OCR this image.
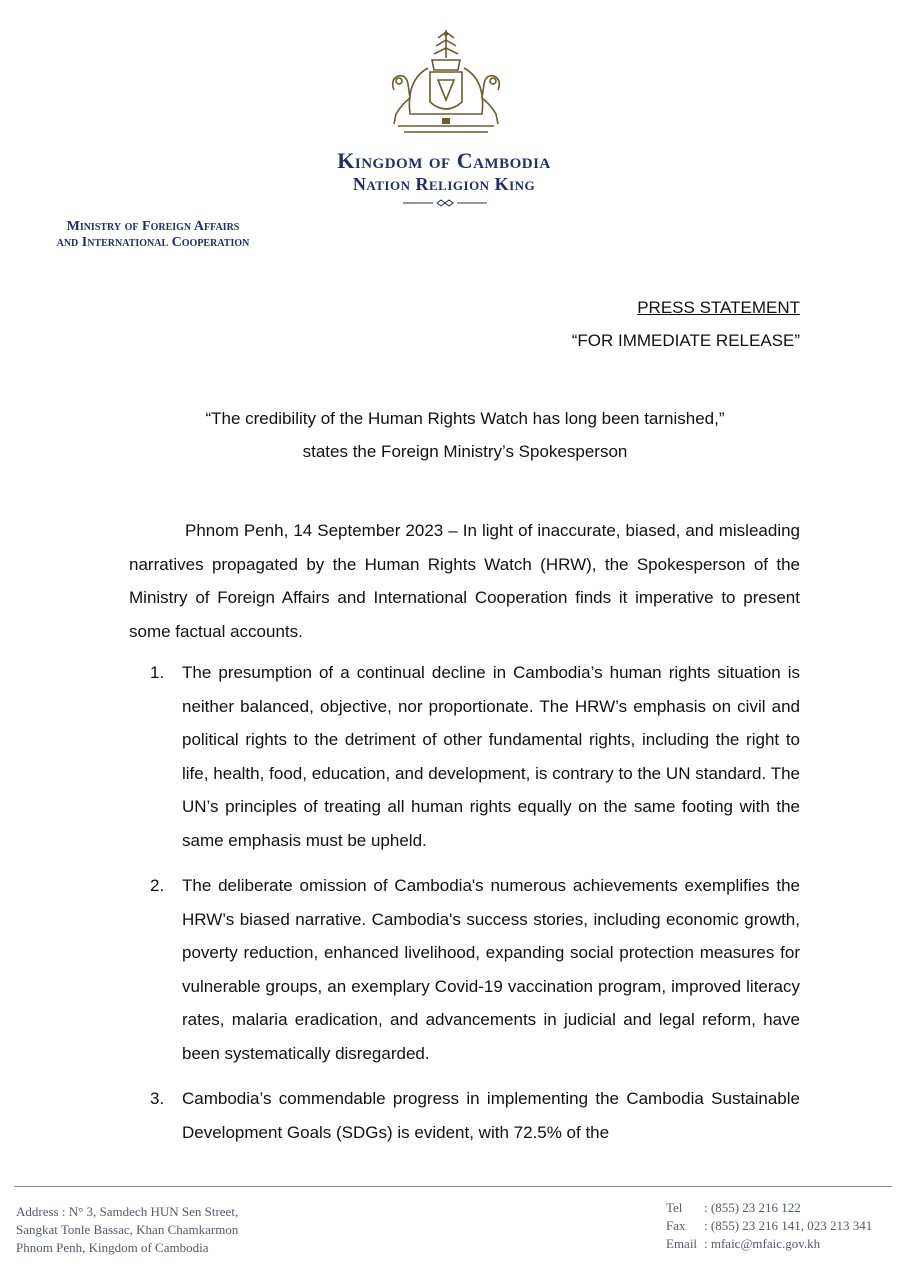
Kingdom of Cambodia
Nation Religion King
Ministry of Foreign Affairs
and International Cooperation
PRESS STATEMENT
“FOR IMMEDIATE RELEASE”
“The credibility of the Human Rights Watch has long been tarnished,”
states the Foreign Ministry’s Spokesperson

Phnom Penh, 14 September 2023 – In light of inaccurate, biased, and misleading narratives propagated by the Human Rights Watch (HRW), the Spokesperson of the Ministry of Foreign Affairs and International Cooperation finds it imperative to present some factual accounts.

1.	The presumption of a continual decline in Cambodia’s human rights situation is neither balanced, objective, nor proportionate. The HRW’s emphasis on civil and political rights to the detriment of other fundamental rights, including the right to life, health, food, education, and development, is contrary to the UN standard. The UN’s principles of treating all human rights equally on the same footing with the same emphasis must be upheld.
2.	The deliberate omission of Cambodia's numerous achievements exemplifies the HRW’s biased narrative. Cambodia's success stories, including economic growth, poverty reduction, enhanced livelihood, expanding social protection measures for vulnerable groups, an exemplary Covid-19 vaccination program, improved literacy rates, malaria eradication, and advancements in judicial and legal reform, have been systematically disregarded.
3.	Cambodia’s commendable progress in implementing the Cambodia Sustainable Development Goals (SDGs) is evident, with 72.5% of the
Address : N° 3, Samdech HUN Sen Street,
Sangkat Tonle Bassac, Khan Chamkarmon
Phnom Penh, Kingdom of Cambodia
Tel	: (855) 23 216 122
Fax	: (855) 23 216 141, 023 213 341
Email : mfaic@mfaic.gov.kh
